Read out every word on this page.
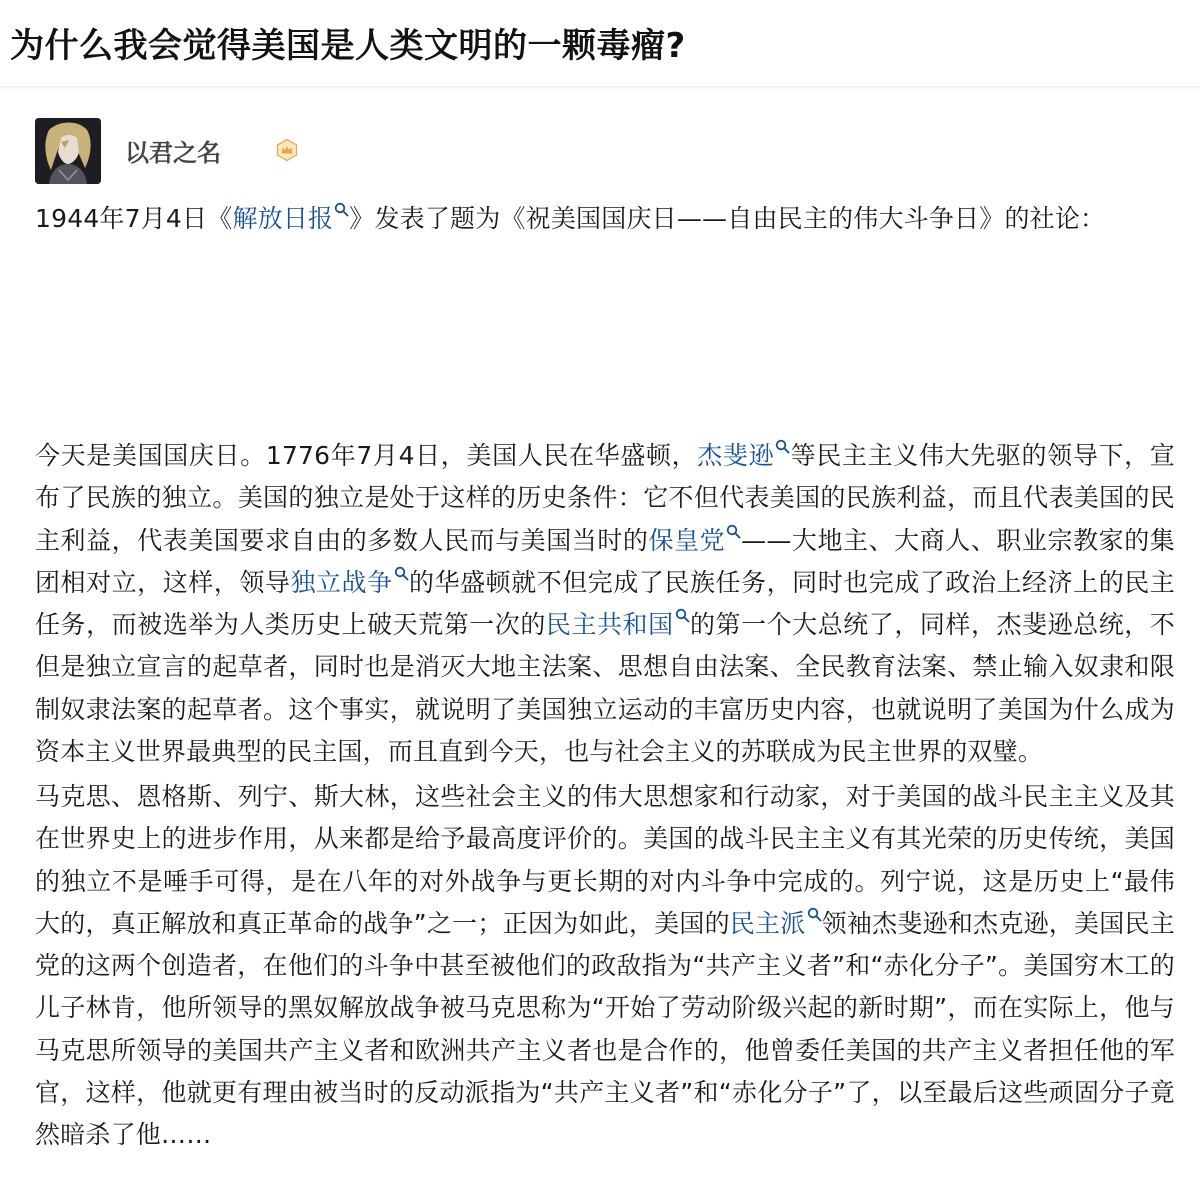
为什么我会觉得美国是人类文明的一颗毒瘤?
以君之名

1944年7月4日《解放日报 》发表了题为《祝美国国庆日——自由民主的伟大斗争日》的社论：

今天是美国国庆日。1776年7月4日，美国人民在华盛顿，杰斐逊 等民主主义伟大先驱的领导下，宣布了民族的独立。美国的独立是处于这样的历史条件：它不但代表美国的民族利益，而且代表美国的民主利益，代表美国要求自由的多数人民而与美国当时的保皇党 ——大地主、大商人、职业宗教家的集团相对立，这样，领导独立战争 的华盛顿就不但完成了民族任务，同时也完成了政治上经济上的民主任务，而被选举为人类历史上破天荒第一次的民主共和国 的第一个大总统了，同样，杰斐逊总统，不但是独立宣言的起草者，同时也是消灭大地主法案、思想自由法案、全民教育法案、禁止输入奴隶和限制奴隶法案的起草者。这个事实，就说明了美国独立运动的丰富历史内容，也就说明了美国为什么成为资本主义世界最典型的民主国，而且直到今天，也与社会主义的苏联成为民主世界的双璧。

马克思、恩格斯、列宁、斯大林，这些社会主义的伟大思想家和行动家，对于美国的战斗民主主义及其在世界史上的进步作用，从来都是给予最高度评价的。美国的战斗民主主义有其光荣的历史传统，美国的独立不是唾手可得，是在八年的对外战争与更长期的对内斗争中完成的。列宁说，这是历史上“最伟大的，真正解放和真正革命的战争”之一；正因为如此，美国的民主派 领袖杰斐逊和杰克逊，美国民主党的这两个创造者，在他们的斗争中甚至被他们的政敌指为“共产主义者”和“赤化分子”。美国穷木工的儿子林肯，他所领导的黑奴解放战争被马克思称为“开始了劳动阶级兴起的新时期”，而在实际上，他与马克思所领导的美国共产主义者和欧洲共产主义者也是合作的，他曾委任美国的共产主义者担任他的军官，这样，他就更有理由被当时的反动派指为“共产主义者”和“赤化分子”了，以至最后这些顽固分子竟然暗杀了他……
